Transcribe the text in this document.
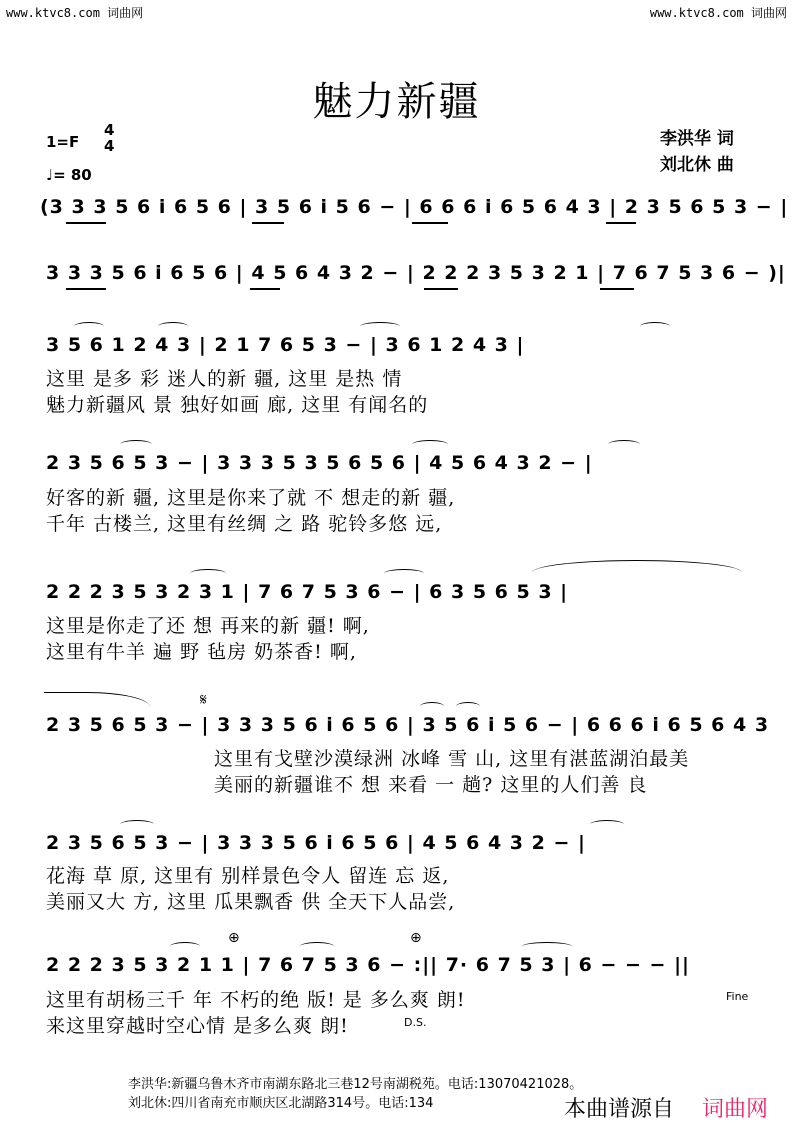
www.ktvc8.com 词曲网	www.ktvc8.com 词曲网
魅力新疆
1=F
4
4
♩= 80
李洪华 词
刘北休 曲
(3 3 3 5 6 i 6 5 6 | 3 5 6 i 5 6 − | 6 6 6 i 6 5 6 4 3 | 2 3 5 6 5 3 − |
3 3 3 5 6 i 6 5 6 | 4 5 6 4 3 2 − | 2 2 2 3 5 3 2 1 | 7 6 7 5 3 6 − )|
3 5 6 1 2 4 3 | 2 1 7 6 5 3 − | 3 6 1 2 4 3 |
这里 是多 彩 迷人的新 疆, 这里 是热 情
魅力新疆风 景 独好如画 廊, 这里 有闻名的
2 3 5 6 5 3 − | 3 3 3 5 3 5 6 5 6 | 4 5 6 4 3 2 − |
好客的新 疆, 这里是你来了就 不 想走的新 疆,
千年 古楼兰, 这里有丝绸 之 路 驼铃多悠 远,
2 2 2 3 5 3 2 3 1 | 7 6 7 5 3 6 − | 6 3 5 6 5 3 |
这里是你走了还 想 再来的新 疆! 啊,
这里有牛羊 遍 野 毡房 奶茶香! 啊,
𝄋
2 3 5 6 5 3 − | 3 3 3 5 6 i 6 5 6 | 3 5 6 i 5 6 − | 6 6 6 i 6 5 6 4 3
这里有戈壁沙漠绿洲 冰峰 雪 山, 这里有湛蓝湖泊最美
美丽的新疆谁不 想 来看 一 趟? 这里的人们善 良
2 3 5 6 5 3 − | 3 3 3 5 6 i 6 5 6 | 4 5 6 4 3 2 − |
花海 草 原, 这里有 别样景色令人 留连 忘 返,
美丽又大 方, 这里 瓜果飘香 供 全天下人品尝,
⊕	⊕
2 2 2 3 5 3 2 1 1 | 7 6 7 5 3 6 − :|| 7· 6 7 5 3 | 6 − − − ||
这里有胡杨三千 年 不朽的绝 版! 是 多么爽 朗!	Fine
来这里穿越时空心情 是多么爽 朗!	D.S.
李洪华:新疆乌鲁木齐市南湖东路北三巷12号南湖税苑。电话:13070421028。
刘北休:四川省南充市顺庆区北湖路314号。电话:134	本曲谱源自 词曲网
